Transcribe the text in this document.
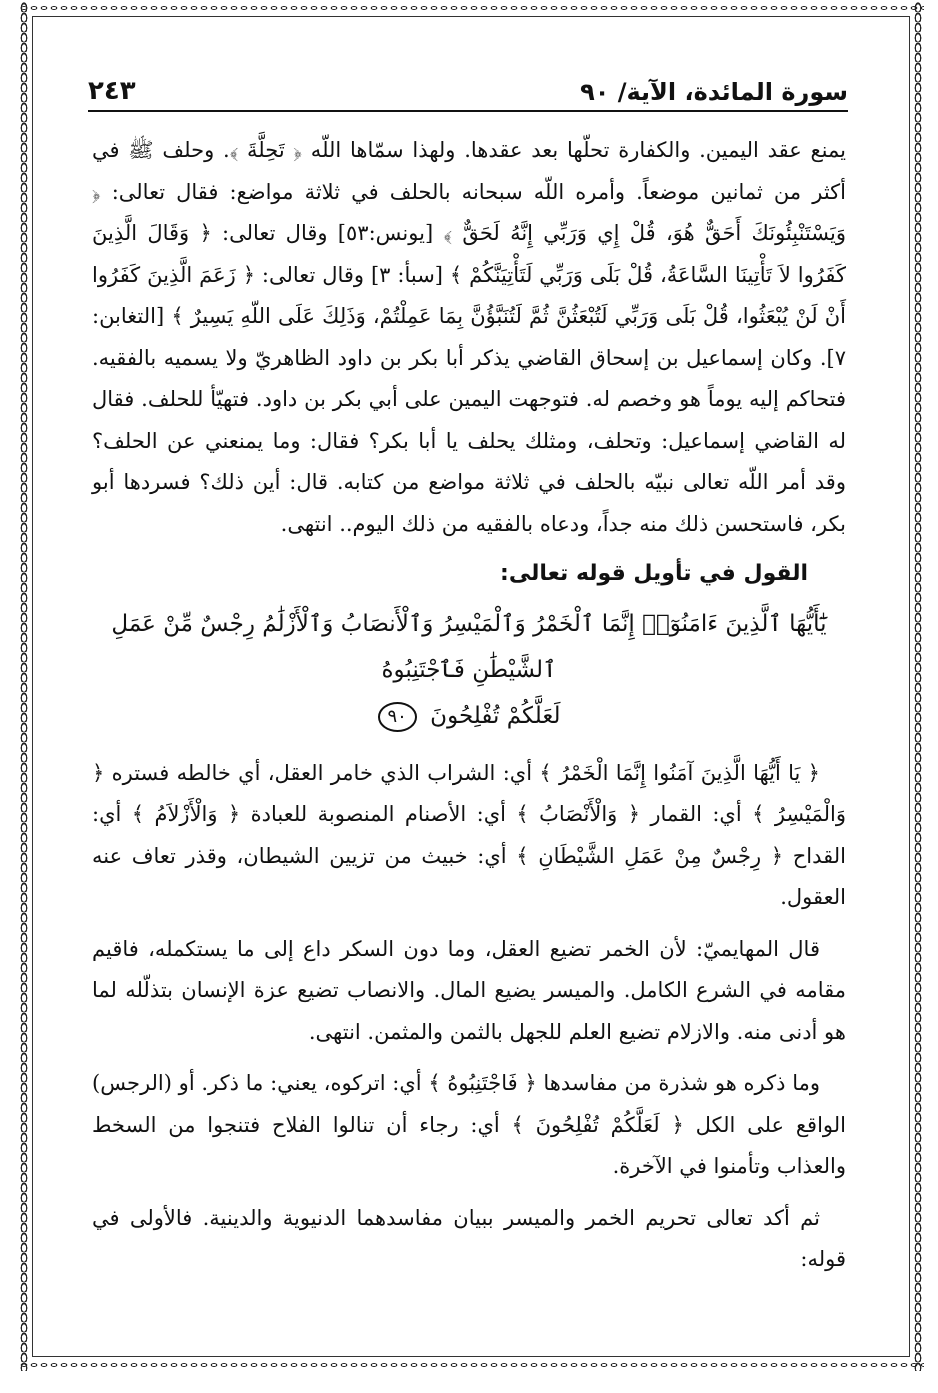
سورة المائدة، الآية/ ٩٠
٢٤٣

يمنع عقد اليمين. والكفارة تحلّها بعد عقدها. ولهذا سمّاها اللّه ﴿ تَحِلَّةَ ﴾. وحلف ﷺ في أكثر من ثمانين موضعاً. وأمره اللّه سبحانه بالحلف في ثلاثة مواضع: فقال تعالى: ﴿ وَيَسْتَنْبِئُونَكَ أَحَقٌّ هُوَ، قُلْ إِي وَرَبِّي إِنَّهُ لَحَقٌّ ﴾ [يونس:٥٣] وقال تعالى: ﴿ وَقَالَ الَّذِينَ كَفَرُوا لاَ تَأْتِينَا السَّاعَةُ، قُلْ بَلَى وَرَبِّي لَتَأْتِيَنَّكُمْ ﴾ [سبأ: ٣] وقال تعالى: ﴿ زَعَمَ الَّذِينَ كَفَرُوا أَنْ لَنْ يُبْعَثُوا، قُلْ بَلَى وَرَبِّي لَتُبْعَثُنَّ ثُمَّ لَتُنَبَّؤُنَّ بِمَا عَمِلْتُمْ، وَذَلِكَ عَلَى اللّهِ يَسِيرٌ ﴾ [التغابن: ٧]. وكان إسماعيل بن إسحاق القاضي يذكر أبا بكر بن داود الظاهريّ ولا يسميه بالفقيه. فتحاكم إليه يوماً هو وخصم له. فتوجهت اليمين على أبي بكر بن داود. فتهيّأ للحلف. فقال له القاضي إسماعيل: وتحلف، ومثلك يحلف يا أبا بكر؟ فقال: وما يمنعني عن الحلف؟ وقد أمر اللّه تعالى نبيّه بالحلف في ثلاثة مواضع من كتابه. قال: أين ذلك؟ فسردها أبو بكر، فاستحسن ذلك منه جداً، ودعاه بالفقيه من ذلك اليوم.. انتهى.

القول في تأويل قوله تعالى:

يَٰٓأَيُّهَا ٱلَّذِينَ ءَامَنُوٓا۟ إِنَّمَا ٱلْخَمْرُ وَٱلْمَيْسِرُ وَٱلْأَنصَابُ وَٱلْأَزْلَٰمُ رِجْسٌ مِّنْ عَمَلِ ٱلشَّيْطَٰنِ فَٱجْتَنِبُوهُ
لَعَلَّكُمْ تُفْلِحُونَ ٩٠

﴿ يَا أَيُّهَا الَّذِينَ آمَنُوا إِنَّمَا الْخَمْرُ ﴾ أي: الشراب الذي خامر العقل، أي خالطه فستره ﴿ وَالْمَيْسِرُ ﴾ أي: القمار ﴿ وَالْأَنْصَابُ ﴾ أي: الأصنام المنصوبة للعبادة ﴿ وَالْأَزْلاَمُ ﴾ أي: القداح ﴿ رِجْسٌ مِنْ عَمَلِ الشَّيْطَانِ ﴾ أي: خبيث من تزيين الشيطان، وقذر تعاف عنه العقول.

قال المهايميّ: لأن الخمر تضيع العقل، وما دون السكر داع إلى ما يستكمله، فاقيم مقامه في الشرع الكامل. والميسر يضيع المال. والانصاب تضيع عزة الإنسان بتذلّله لما هو أدنى منه. والازلام تضيع العلم للجهل بالثمن والمثمن. انتهى.

وما ذكره هو شذرة من مفاسدها ﴿ فَاجْتَنِبُوهُ ﴾ أي: اتركوه، يعني: ما ذكر. أو (الرجس) الواقع على الكل ﴿ لَعَلَّكُمْ تُفْلِحُونَ ﴾ أي: رجاء أن تنالوا الفلاح فتنجوا من السخط والعذاب وتأمنوا في الآخرة.

ثم أكد تعالى تحريم الخمر والميسر ببيان مفاسدهما الدنيوية والدينية. فالأولى في قوله:
